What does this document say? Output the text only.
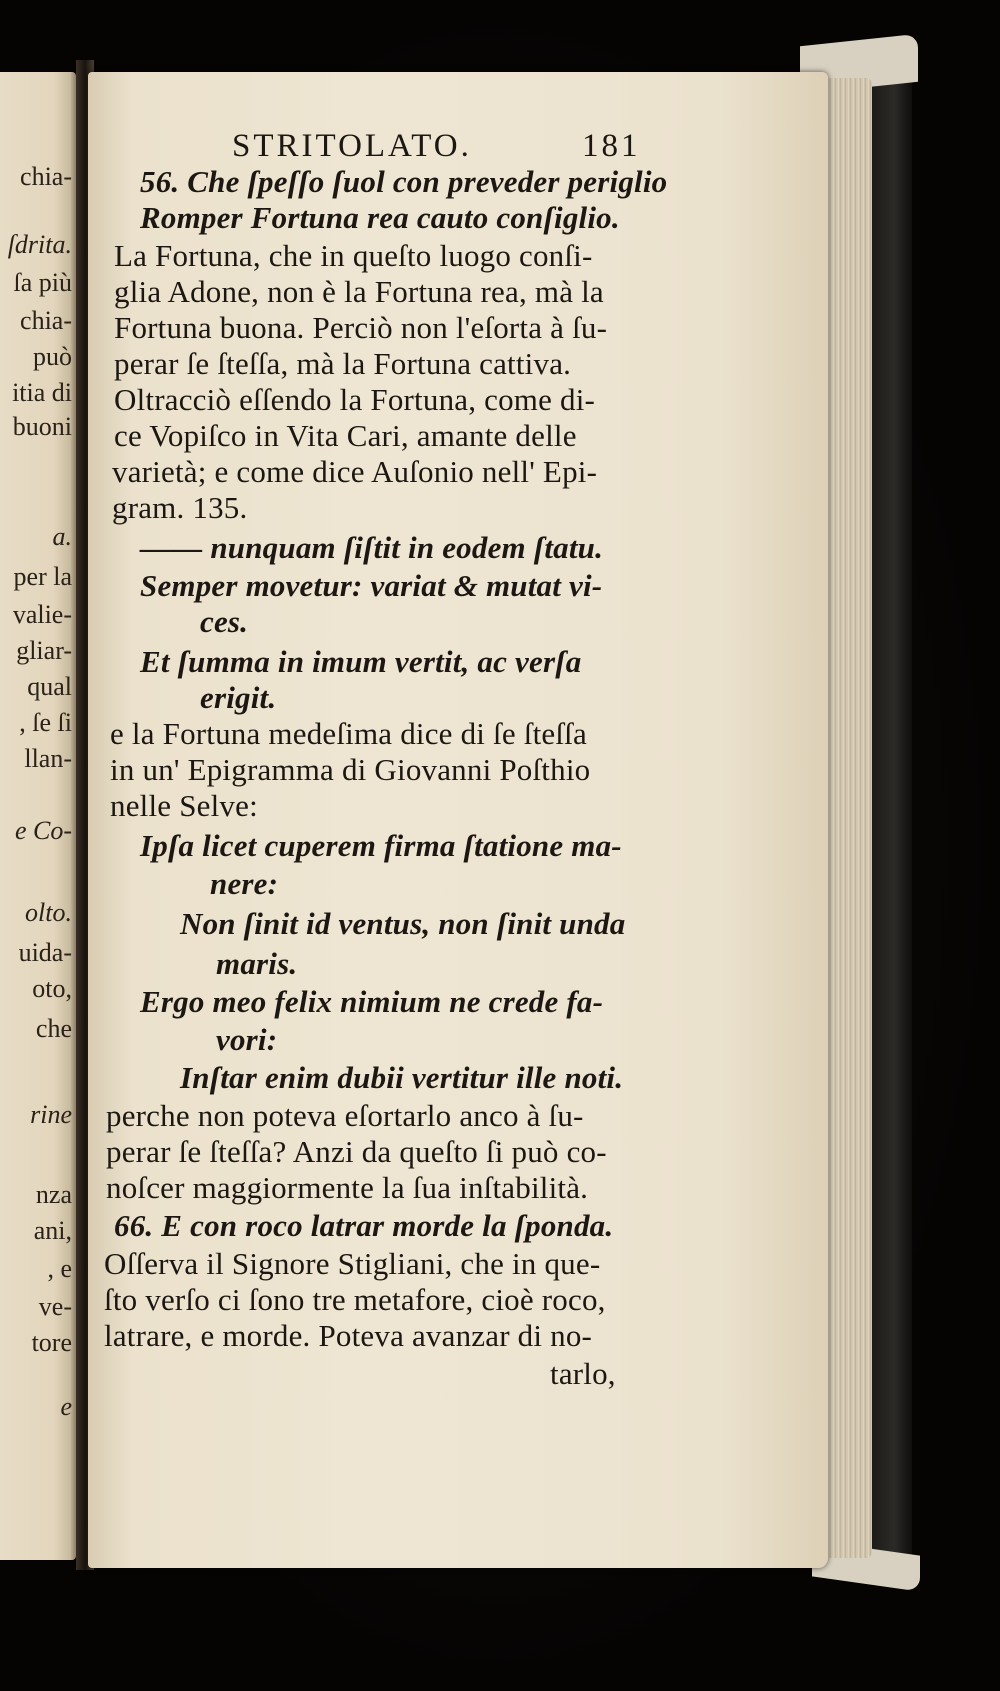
chia-
ſdrita.
ſa più
chia-
può
itia di
buoni
a.
per la
valie-
gliar-
qual
, ſe ſi
llan-
e Co-
olto.
uida-
oto,
che
rine
nza
ani,
, e
ve-
tore
e
STRITOLATO.	181
56. Che ſpeſſo ſuol con preveder periglio
Romper Fortuna rea cauto conſiglio.
La Fortuna, che in queſto luogo conſi-
glia Adone, non è la Fortuna rea, mà la
Fortuna buona. Perciò non l'eſorta à ſu-
perar ſe ſteſſa, mà la Fortuna cattiva.
Oltracciò eſſendo la Fortuna, come di-
ce Vopiſco in Vita Cari, amante delle
varietà; e come dice Auſonio nell' Epi-
gram. 135.
—— nunquam ſiſtit in eodem ſtatu.
Semper movetur: variat & mutat vi-
ces.
Et ſumma in imum vertit, ac verſa
erigit.
e la Fortuna medeſima dice di ſe ſteſſa
in un' Epigramma di Giovanni Poſthio
nelle Selve:
Ipſa licet cuperem firma ſtatione ma-
nere:
Non ſinit id ventus, non ſinit unda
maris.
Ergo meo felix nimium ne crede fa-
vori:
Inſtar enim dubii vertitur ille noti.
perche non poteva eſortarlo anco à ſu-
perar ſe ſteſſa? Anzi da queſto ſi può co-
noſcer maggiormente la ſua inſtabilità.
66. E con roco latrar morde la ſponda.
Oſſerva il Signore Stigliani, che in que-
ſto verſo ci ſono tre metafore, cioè roco,
latrare, e morde. Poteva avanzar di no-
tarlo,
